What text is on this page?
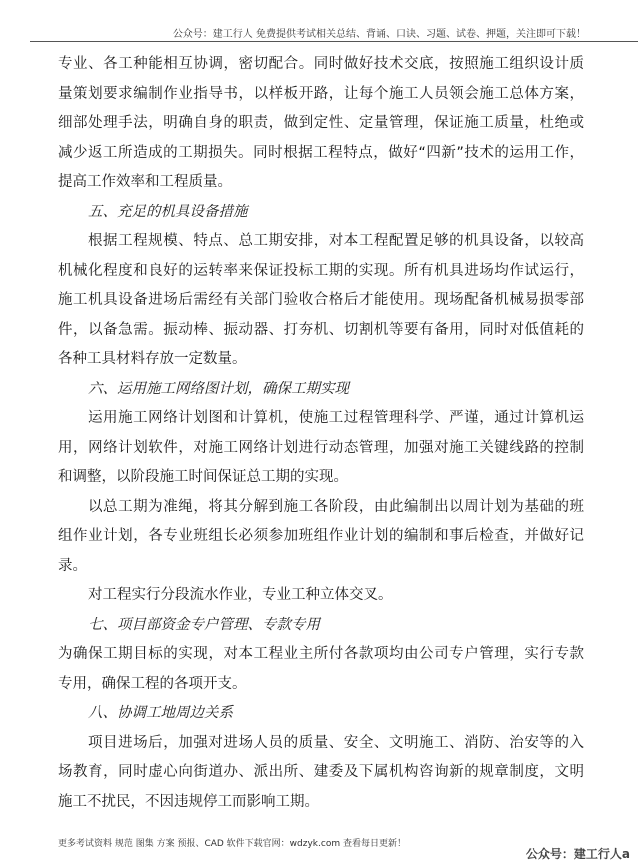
公众号：建工行人 免费提供考试相关总结、背诵、口诀、习题、试卷、押题，关注即可下载！
专业、各工种能相互协调，密切配合。同时做好技术交底，按照施工组织设计质
量策划要求编制作业指导书，以样板开路，让每个施工人员领会施工总体方案，
细部处理手法，明确自身的职责，做到定性、定量管理，保证施工质量，杜绝或
减少返工所造成的工期损失。同时根据工程特点，做好“四新”技术的运用工作，
提高工作效率和工程质量。
五、充足的机具设备措施
根据工程规模、特点、总工期安排，对本工程配置足够的机具设备，以较高
机械化程度和良好的运转率来保证投标工期的实现。所有机具进场均作试运行，
施工机具设备进场后需经有关部门验收合格后才能使用。现场配备机械易损零部
件，以备急需。振动棒、振动器、打夯机、切割机等要有备用，同时对低值耗的
各种工具材料存放一定数量。
六、运用施工网络图计划，确保工期实现
运用施工网络计划图和计算机，使施工过程管理科学、严谨，通过计算机运
用，网络计划软件，对施工网络计划进行动态管理，加强对施工关键线路的控制
和调整，以阶段施工时间保证总工期的实现。
以总工期为准绳，将其分解到施工各阶段，由此编制出以周计划为基础的班
组作业计划，各专业班组长必须参加班组作业计划的编制和事后检查，并做好记
录。
对工程实行分段流水作业，专业工种立体交叉。
七、项目部资金专户管理、专款专用
为确保工期目标的实现，对本工程业主所付各款项均由公司专户管理，实行专款
专用，确保工程的各项开支。
八、协调工地周边关系
项目进场后，加强对进场人员的质量、安全、文明施工、消防、治安等的入
场教育，同时虚心向街道办、派出所、建委及下属机构咨询新的规章制度，文明
施工不扰民，不因违规停工而影响工期。
更多考试资料 规范 图集 方案 预报、CAD 软件下载官网：wdzyk.com 查看每日更新！
公众号：建工行人a
